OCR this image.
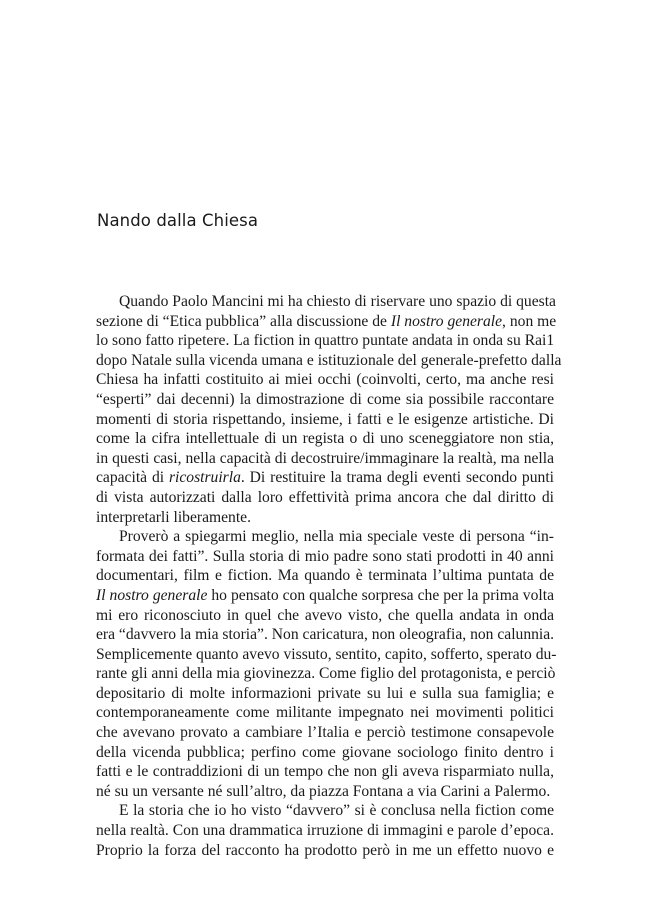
Nando dalla Chiesa

Quando Paolo Mancini mi ha chiesto di riservare uno spazio di questa
sezione di “Etica pubblica” alla discussione de Il nostro generale, non me
lo sono fatto ripetere. La fiction in quattro puntate andata in onda su Rai1
dopo Natale sulla vicenda umana e istituzionale del generale-prefetto dalla
Chiesa ha infatti costituito ai miei occhi (coinvolti, certo, ma anche resi
“esperti” dai decenni) la dimostrazione di come sia possibile raccontare
momenti di storia rispettando, insieme, i fatti e le esigenze artistiche. Di
come la cifra intellettuale di un regista o di uno sceneggiatore non stia,
in questi casi, nella capacità di decostruire/immaginare la realtà, ma nella
capacità di ricostruirla. Di restituire la trama degli eventi secondo punti
di vista autorizzati dalla loro effettività prima ancora che dal diritto di
interpretarli liberamente.

Proverò a spiegarmi meglio, nella mia speciale veste di persona “in-
formata dei fatti”. Sulla storia di mio padre sono stati prodotti in 40 anni
documentari, film e fiction. Ma quando è terminata l’ultima puntata de
Il nostro generale ho pensato con qualche sorpresa che per la prima volta
mi ero riconosciuto in quel che avevo visto, che quella andata in onda
era “davvero la mia storia”. Non caricatura, non oleografia, non calunnia.
Semplicemente quanto avevo vissuto, sentito, capito, sofferto, sperato du-
rante gli anni della mia giovinezza. Come figlio del protagonista, e perciò
depositario di molte informazioni private su lui e sulla sua famiglia; e
contemporaneamente come militante impegnato nei movimenti politici
che avevano provato a cambiare l’Italia e perciò testimone consapevole
della vicenda pubblica; perfino come giovane sociologo finito dentro i
fatti e le contraddizioni di un tempo che non gli aveva risparmiato nulla,
né su un versante né sull’altro, da piazza Fontana a via Carini a Palermo.

E la storia che io ho visto “davvero” si è conclusa nella fiction come
nella realtà. Con una drammatica irruzione di immagini e parole d’epoca.
Proprio la forza del racconto ha prodotto però in me un effetto nuovo e
